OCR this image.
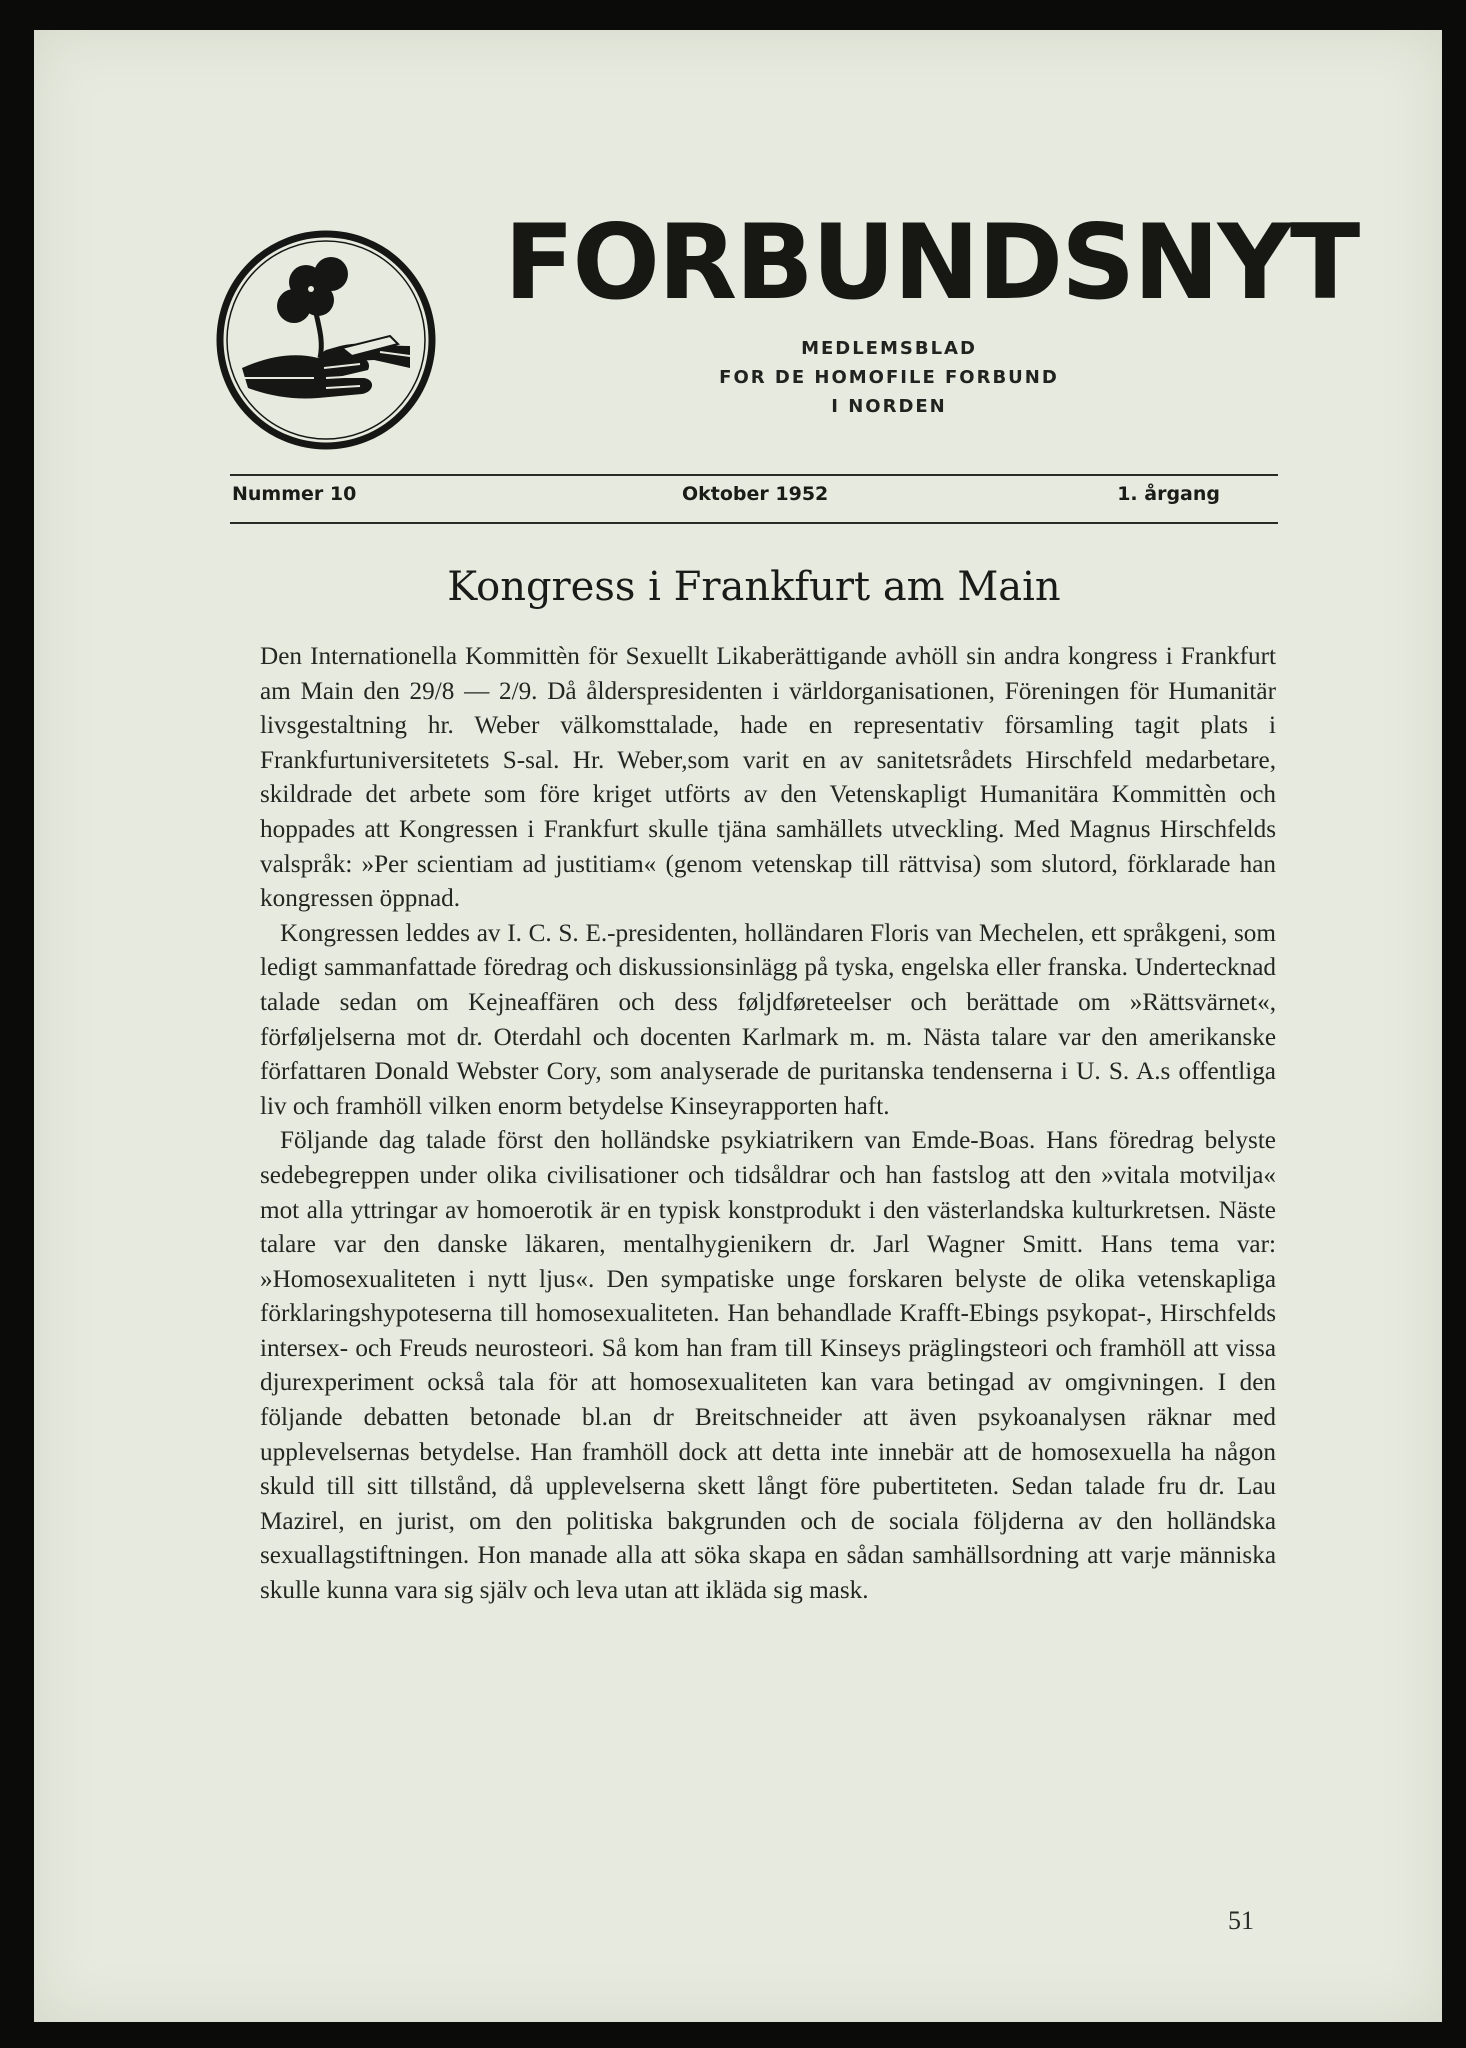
FORBUNDSNYT
MEDLEMSBLAD
FOR DE HOMOFILE FORBUND
I NORDEN
Nummer 10	Oktober 1952	1. årgang
Kongress i Frankfurt am Main

Den Internationella Kommittèn för Sexuellt Likaberättigande avhöll sin andra kongress i Frankfurt am Main den 29/8 — 2/9. Då ålderspresidenten i världorganisationen, Föreningen för Humanitär livsgestaltning hr. Weber välkomsttalade, hade en representativ församling tagit plats i Frankfurtuniversitetets S-sal. Hr. Weber,som varit en av sanitetsrådets Hirschfeld medarbetare, skildrade det arbete som före kriget utförts av den Vetenskapligt Humanitära Kommittèn och hoppades att Kongressen i Frankfurt skulle tjäna samhällets utveckling. Med Magnus Hirschfelds valspråk: »Per scientiam ad justitiam« (genom vetenskap till rättvisa) som slutord, förklarade han kongressen öppnad.

Kongressen leddes av I. C. S. E.-presidenten, holländaren Floris van Mechelen, ett språkgeni, som ledigt sammanfattade föredrag och diskussionsinlägg på tyska, engelska eller franska. Undertecknad talade sedan om Kejneaffären och dess føljdføreteelser och berättade om »Rättsvärnet«, förføljelserna mot dr. Oterdahl och docenten Karlmark m. m. Nästa talare var den amerikanske författaren Donald Webster Cory, som analyserade de puritanska tendenserna i U. S. A.s offentliga liv och framhöll vilken enorm betydelse Kinseyrapporten haft.

Följande dag talade först den holländske psykiatrikern van Emde-Boas. Hans föredrag belyste sedebegreppen under olika civilisationer och tidsåldrar och han fastslog att den »vitala motvilja« mot alla yttringar av homoerotik är en typisk konstprodukt i den västerlandska kulturkretsen. Näste talare var den danske läkaren, mentalhygienikern dr. Jarl Wagner Smitt. Hans tema var: »Homosexualiteten i nytt ljus«. Den sympatiske unge forskaren belyste de olika vetenskapliga förklaringshypoteserna till homosexualiteten. Han behandlade Krafft-Ebings psykopat-, Hirschfelds intersex- och Freuds neurosteori. Så kom han fram till Kinseys präglingsteori och framhöll att vissa djurexperiment också tala för att homosexualiteten kan vara betingad av omgivningen. I den följande debatten betonade bl.an dr Breitschneider att även psykoanalysen räknar med upplevelsernas betydelse. Han framhöll dock att detta inte innebär att de homosexuella ha någon skuld till sitt tillstånd, då upplevelserna skett långt före pubertiteten. Sedan talade fru dr. Lau Mazirel, en jurist, om den politiska bakgrunden och de sociala följderna av den holländska sexuallagstiftningen. Hon manade alla att söka skapa en sådan samhällsordning att varje människa skulle kunna vara sig själv och leva utan att ikläda sig mask.

51
